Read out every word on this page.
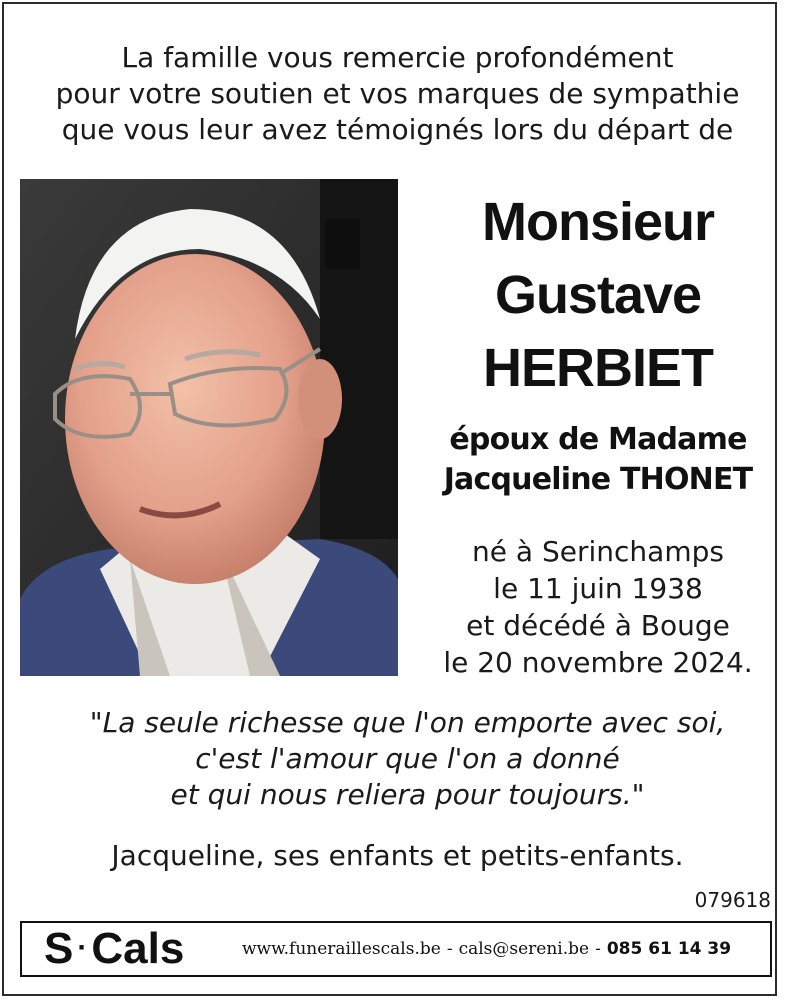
La famille vous remercie profondément
pour votre soutien et vos marques de sympathie
que vous leur avez témoignés lors du départ de
Monsieur
Gustave
HERBIET
époux de Madame
Jacqueline THONET
né à Serinchamps
le 11 juin 1938
et décédé à Bouge
le 20 novembre 2024.
"La seule richesse que l'on emporte avec soi,
c'est l'amour que l'on a donné
et qui nous reliera pour toujours."
Jacqueline, ses enfants et petits-enfants.
079618
S ·Cals	www.funeraillescals.be - cals@sereni.be - 085 61 14 39
